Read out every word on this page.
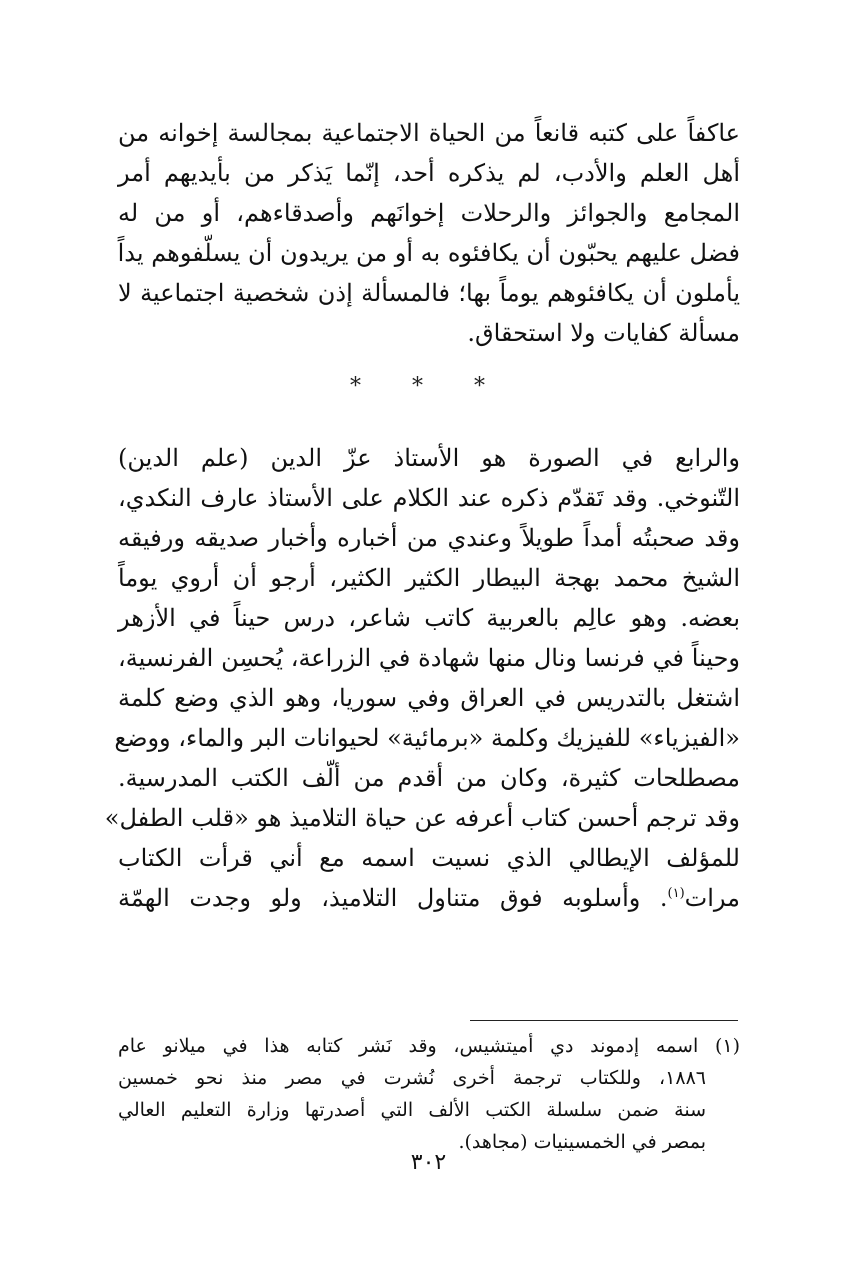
عاكفاً على كتبه قانعاً من الحياة الاجتماعية بمجالسة إخوانه من
أهل العلم والأدب، لم يذكره أحد، إنّما يَذكر من بأيديهم أمر
المجامع والجوائز والرحلات إخوانَهم وأصدقاءهم، أو من له
فضل عليهم يحبّون أن يكافئوه به أو من يريدون أن يسلّفوهم يداً
يأملون أن يكافئوهم يوماً بها؛ فالمسألة إذن شخصية اجتماعية لا
مسألة كفايات ولا استحقاق.
* * *
والرابع في الصورة هو الأستاذ عزّ الدين (علم الدين)
التّنوخي. وقد تَقدّم ذكره عند الكلام على الأستاذ عارف النكدي،
وقد صحبتُه أمداً طويلاً وعندي من أخباره وأخبار صديقه ورفيقه
الشيخ محمد بهجة البيطار الكثير الكثير، أرجو أن أروي يوماً
بعضه. وهو عالِم بالعربية كاتب شاعر، درس حيناً في الأزهر
وحيناً في فرنسا ونال منها شهادة في الزراعة، يُحسِن الفرنسية،
اشتغل بالتدريس في العراق وفي سوريا، وهو الذي وضع كلمة
«الفيزياء» للفيزيك وكلمة «برمائية» لحيوانات البر والماء، ووضع
مصطلحات كثيرة، وكان من أقدم من ألّف الكتب المدرسية.
وقد ترجم أحسن كتاب أعرفه عن حياة التلاميذ هو «قلب الطفل»
للمؤلف الإيطالي الذي نسيت اسمه مع أني قرأت الكتاب
مرات$^{(١)}$. وأسلوبه فوق متناول التلاميذ، ولو وجدت الهمّة
(١) اسمه إدموند دي أميتشيس، وقد نَشر كتابه هذا في ميلانو عام
١٨٨٦، وللكتاب ترجمة أخرى نُشرت في مصر منذ نحو خمسين
سنة ضمن سلسلة الكتب الألف التي أصدرتها وزارة التعليم العالي
بمصر في الخمسينيات (مجاهد).
٣٠٢
